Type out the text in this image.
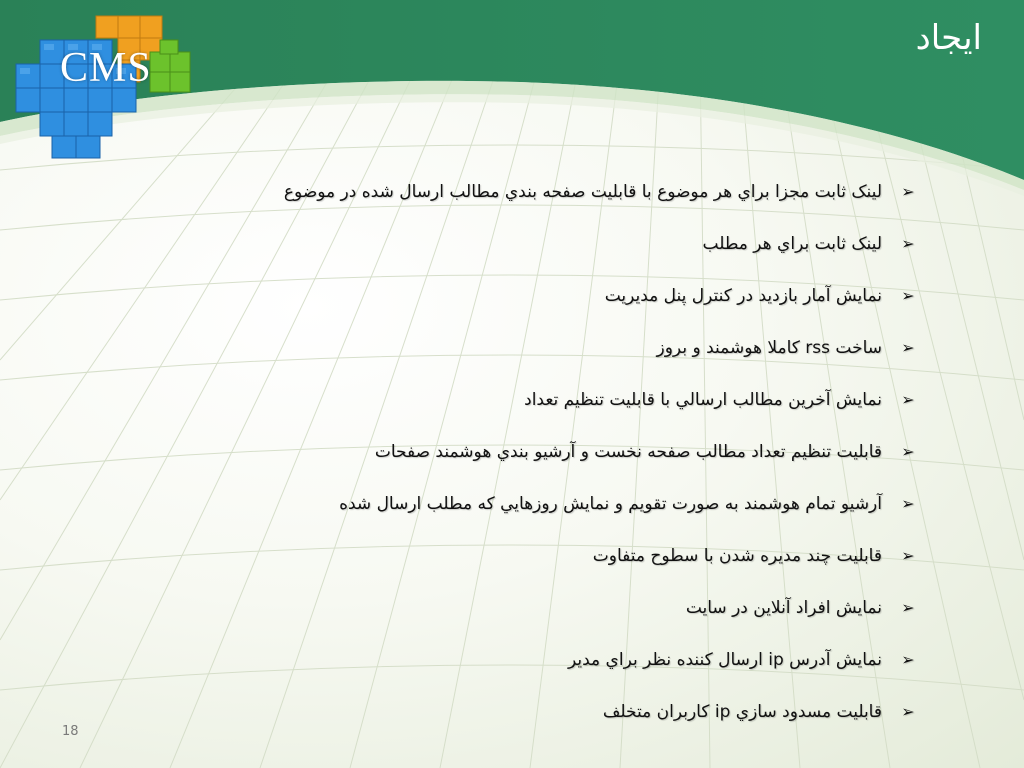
CMS
ايجاد
➢
لينک ثابت مجزا براي هر موضوع با قابليت صفحه بندي مطالب ارسال شده در موضوع
➢
لينک ثابت براي هر مطلب
➢
نمايش آمار بازديد در کنترل پنل مديريت
➢
ساخت rss کاملا هوشمند و بروز
➢
نمايش آخرين مطالب ارسالي با قابليت تنظيم تعداد
➢
قابليت تنظيم تعداد مطالب صفحه نخست و آرشيو بندي هوشمند صفحات
➢
آرشيو تمام هوشمند به صورت تقويم و نمايش روزهايي که مطلب ارسال شده
➢
قابليت چند مديره شدن با سطوح متفاوت
➢
نمايش افراد آنلاين در سايت
➢
نمايش آدرس ip ارسال کننده نظر براي مدير
➢
قابليت مسدود سازي ip کاربران متخلف
18
